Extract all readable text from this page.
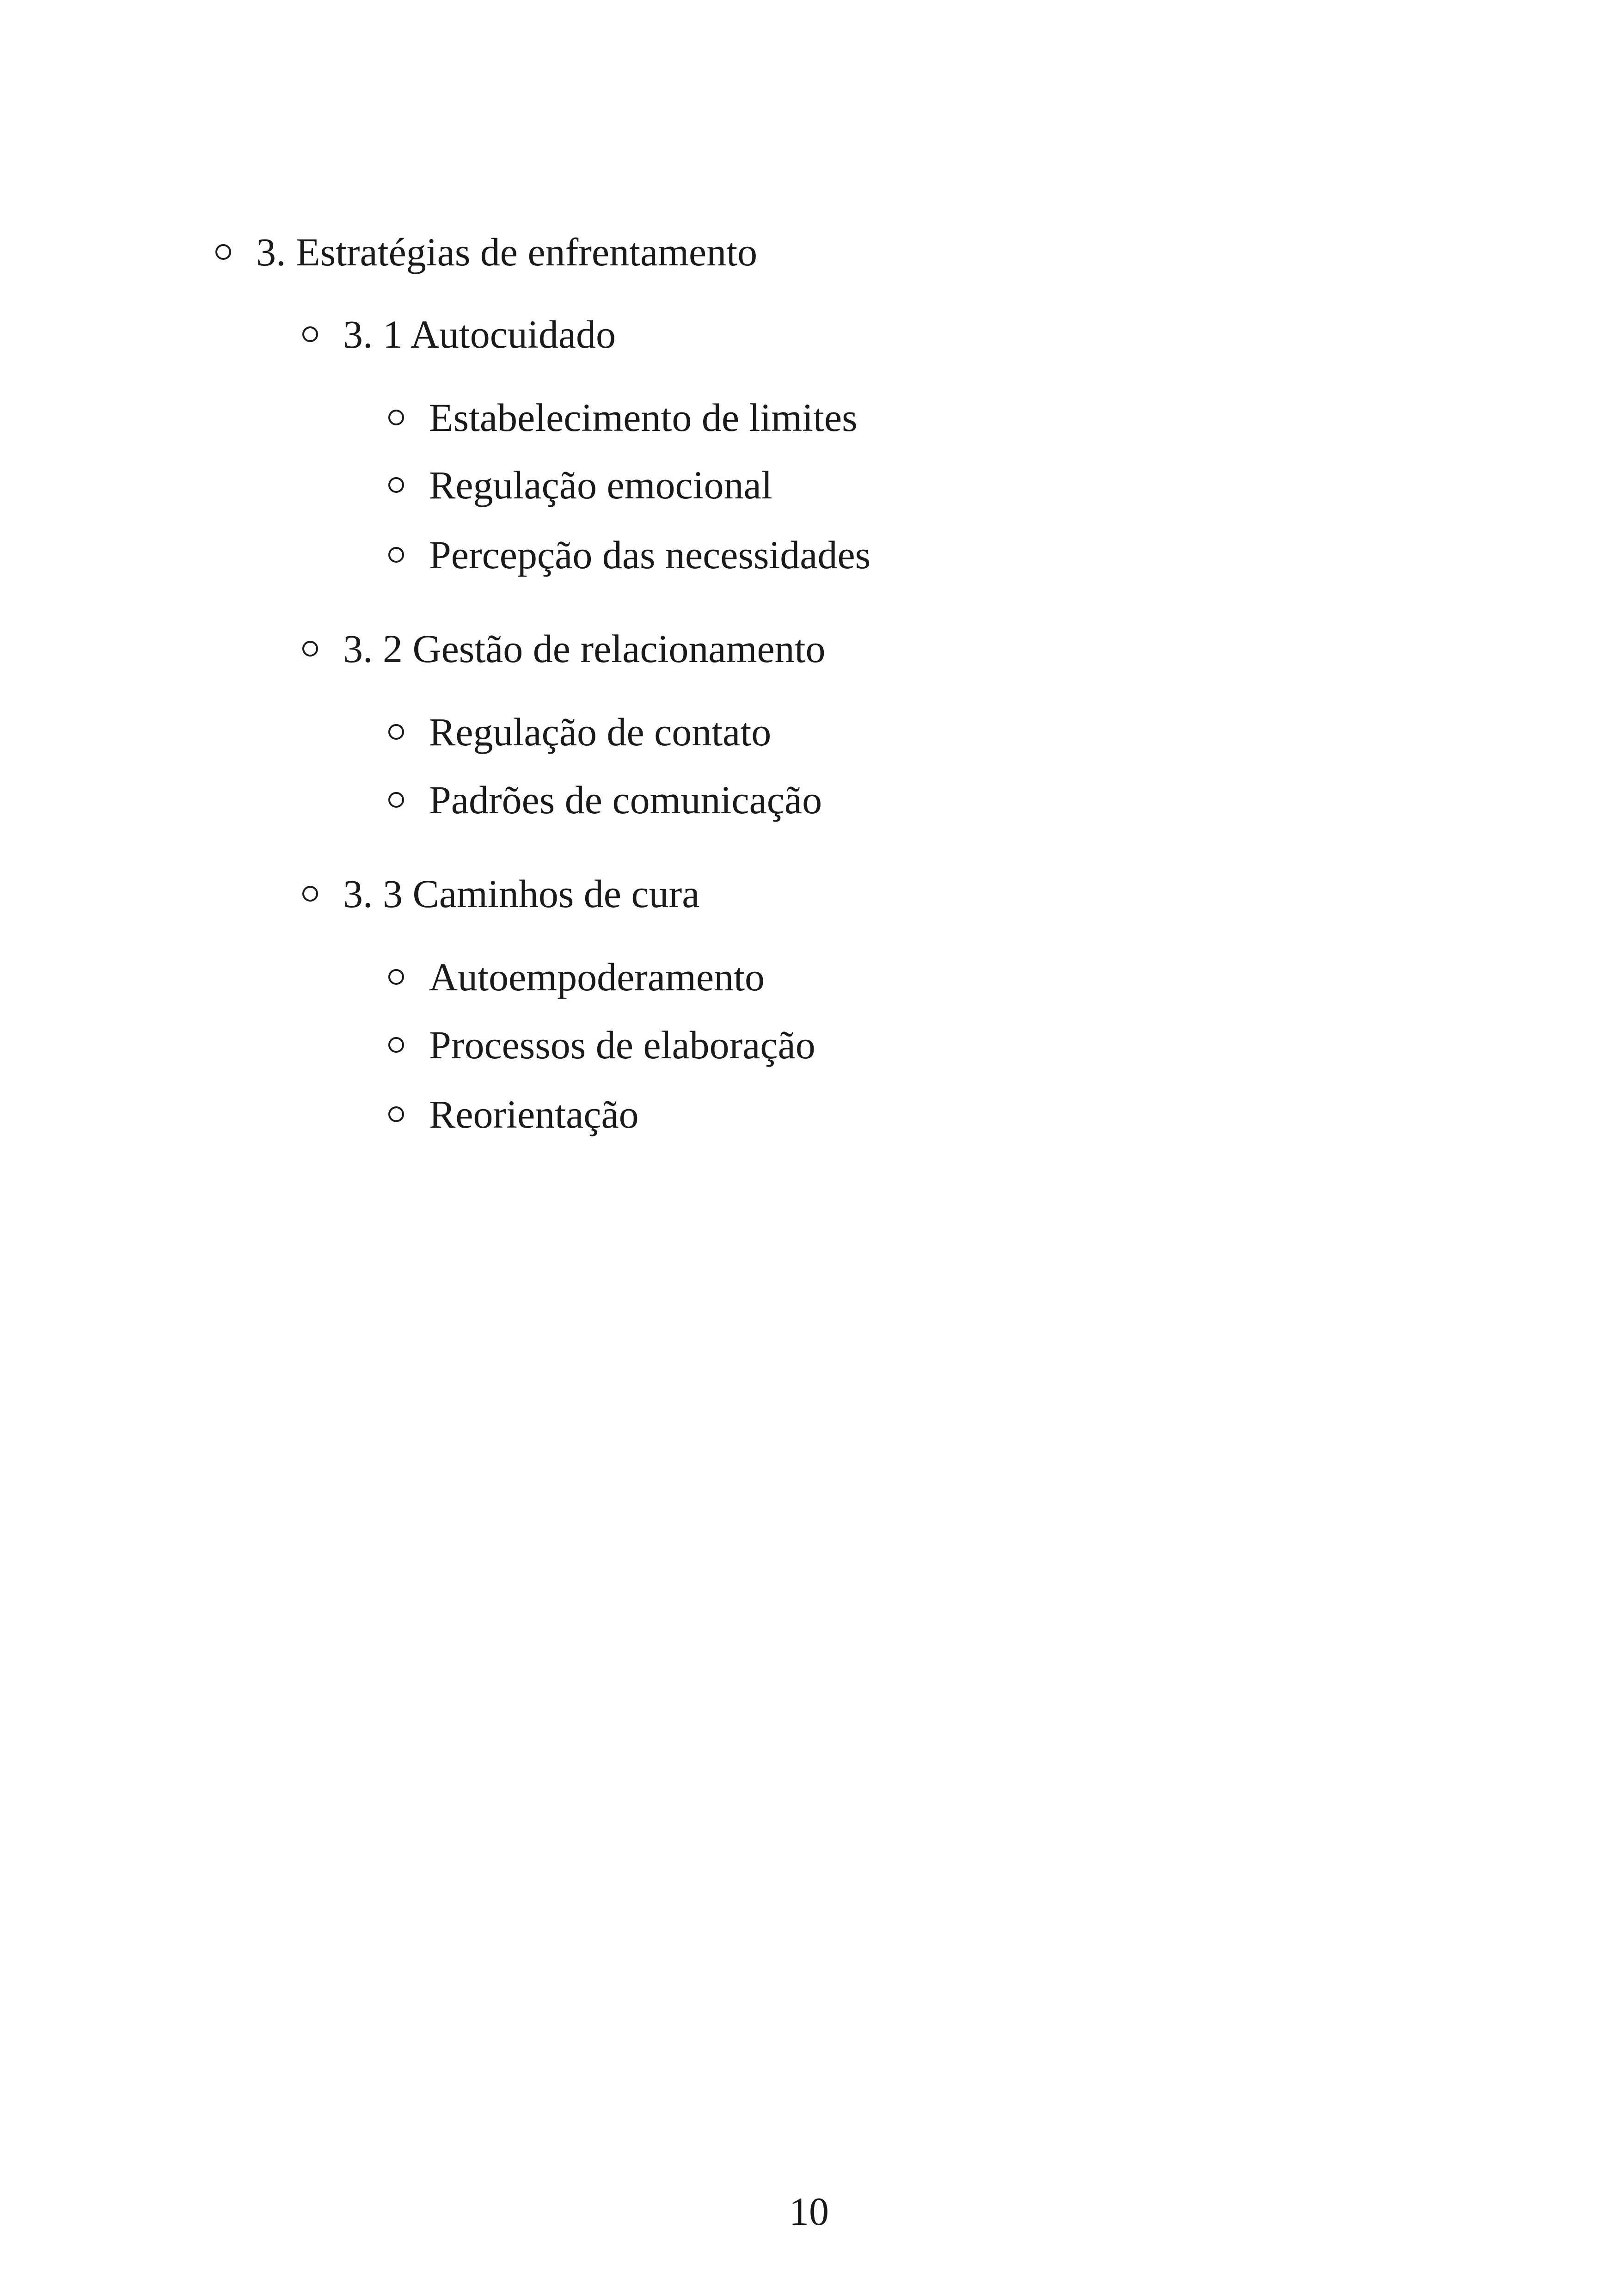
3. Estratégias de enfrentamento
3. 1 Autocuidado
Estabelecimento de limites
Regulação emocional
Percepção das necessidades
3. 2 Gestão de relacionamento
Regulação de contato
Padrões de comunicação
3. 3 Caminhos de cura
Autoempoderamento
Processos de elaboração
Reorientação
10
